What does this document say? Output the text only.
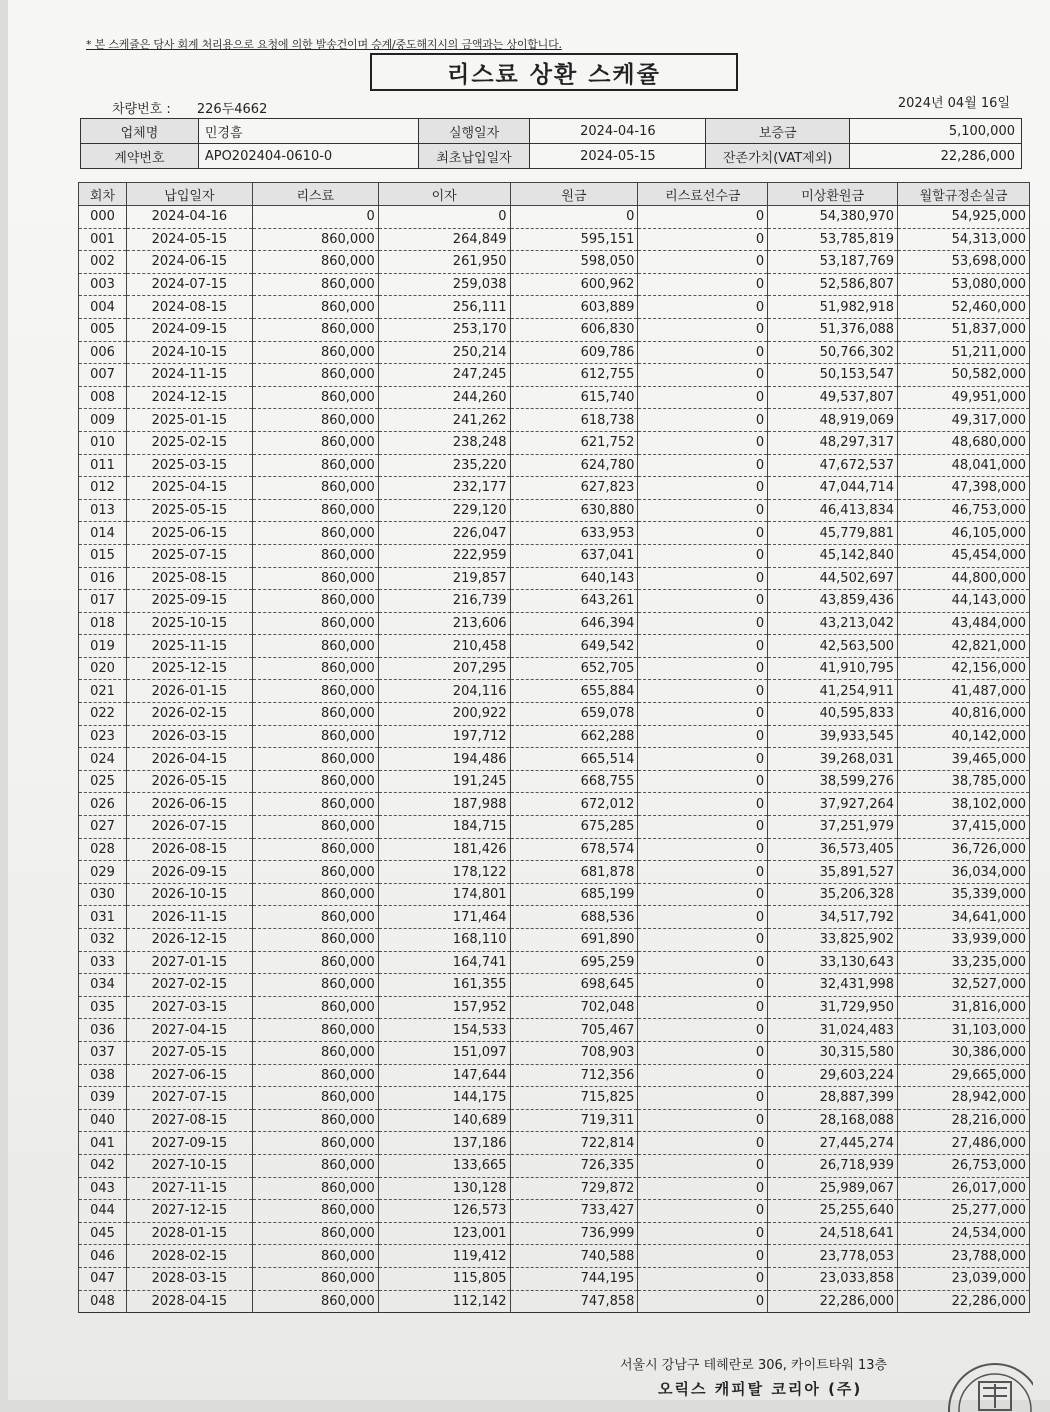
* 본 스케쥴은 당사 회계 처리용으로 요청에 의한 발송건이며 승계/중도해지시의 금액과는 상이합니다.
리스료 상환 스케쥴
차량번호 : 226두4662	2024년 04월 16일
업체명	민경흠	실행일자	2024-04-16	보증금	5,100,000
계약번호	APO202404-0610-0	최초납입일자	2024-05-15	잔존가치(VAT제외)	22,286,000
회차	납입일자	리스료	이자	원금	리스료선수금	미상환원금	월할규정손실금
000	2024-04-16	0	0	0	0	54,380,970	54,925,000
001	2024-05-15	860,000	264,849	595,151	0	53,785,819	54,313,000
002	2024-06-15	860,000	261,950	598,050	0	53,187,769	53,698,000
003	2024-07-15	860,000	259,038	600,962	0	52,586,807	53,080,000
004	2024-08-15	860,000	256,111	603,889	0	51,982,918	52,460,000
005	2024-09-15	860,000	253,170	606,830	0	51,376,088	51,837,000
006	2024-10-15	860,000	250,214	609,786	0	50,766,302	51,211,000
007	2024-11-15	860,000	247,245	612,755	0	50,153,547	50,582,000
008	2024-12-15	860,000	244,260	615,740	0	49,537,807	49,951,000
009	2025-01-15	860,000	241,262	618,738	0	48,919,069	49,317,000
010	2025-02-15	860,000	238,248	621,752	0	48,297,317	48,680,000
011	2025-03-15	860,000	235,220	624,780	0	47,672,537	48,041,000
012	2025-04-15	860,000	232,177	627,823	0	47,044,714	47,398,000
013	2025-05-15	860,000	229,120	630,880	0	46,413,834	46,753,000
014	2025-06-15	860,000	226,047	633,953	0	45,779,881	46,105,000
015	2025-07-15	860,000	222,959	637,041	0	45,142,840	45,454,000
016	2025-08-15	860,000	219,857	640,143	0	44,502,697	44,800,000
017	2025-09-15	860,000	216,739	643,261	0	43,859,436	44,143,000
018	2025-10-15	860,000	213,606	646,394	0	43,213,042	43,484,000
019	2025-11-15	860,000	210,458	649,542	0	42,563,500	42,821,000
020	2025-12-15	860,000	207,295	652,705	0	41,910,795	42,156,000
021	2026-01-15	860,000	204,116	655,884	0	41,254,911	41,487,000
022	2026-02-15	860,000	200,922	659,078	0	40,595,833	40,816,000
023	2026-03-15	860,000	197,712	662,288	0	39,933,545	40,142,000
024	2026-04-15	860,000	194,486	665,514	0	39,268,031	39,465,000
025	2026-05-15	860,000	191,245	668,755	0	38,599,276	38,785,000
026	2026-06-15	860,000	187,988	672,012	0	37,927,264	38,102,000
027	2026-07-15	860,000	184,715	675,285	0	37,251,979	37,415,000
028	2026-08-15	860,000	181,426	678,574	0	36,573,405	36,726,000
029	2026-09-15	860,000	178,122	681,878	0	35,891,527	36,034,000
030	2026-10-15	860,000	174,801	685,199	0	35,206,328	35,339,000
031	2026-11-15	860,000	171,464	688,536	0	34,517,792	34,641,000
032	2026-12-15	860,000	168,110	691,890	0	33,825,902	33,939,000
033	2027-01-15	860,000	164,741	695,259	0	33,130,643	33,235,000
034	2027-02-15	860,000	161,355	698,645	0	32,431,998	32,527,000
035	2027-03-15	860,000	157,952	702,048	0	31,729,950	31,816,000
036	2027-04-15	860,000	154,533	705,467	0	31,024,483	31,103,000
037	2027-05-15	860,000	151,097	708,903	0	30,315,580	30,386,000
038	2027-06-15	860,000	147,644	712,356	0	29,603,224	29,665,000
039	2027-07-15	860,000	144,175	715,825	0	28,887,399	28,942,000
040	2027-08-15	860,000	140,689	719,311	0	28,168,088	28,216,000
041	2027-09-15	860,000	137,186	722,814	0	27,445,274	27,486,000
042	2027-10-15	860,000	133,665	726,335	0	26,718,939	26,753,000
043	2027-11-15	860,000	130,128	729,872	0	25,989,067	26,017,000
044	2027-12-15	860,000	126,573	733,427	0	25,255,640	25,277,000
045	2028-01-15	860,000	123,001	736,999	0	24,518,641	24,534,000
046	2028-02-15	860,000	119,412	740,588	0	23,778,053	23,788,000
047	2028-03-15	860,000	115,805	744,195	0	23,033,858	23,039,000
048	2028-04-15	860,000	112,142	747,858	0	22,286,000	22,286,000
서울시 강남구 테헤란로 306, 카이트타워 13층
오릭스 캐피탈 코리아 (주)
